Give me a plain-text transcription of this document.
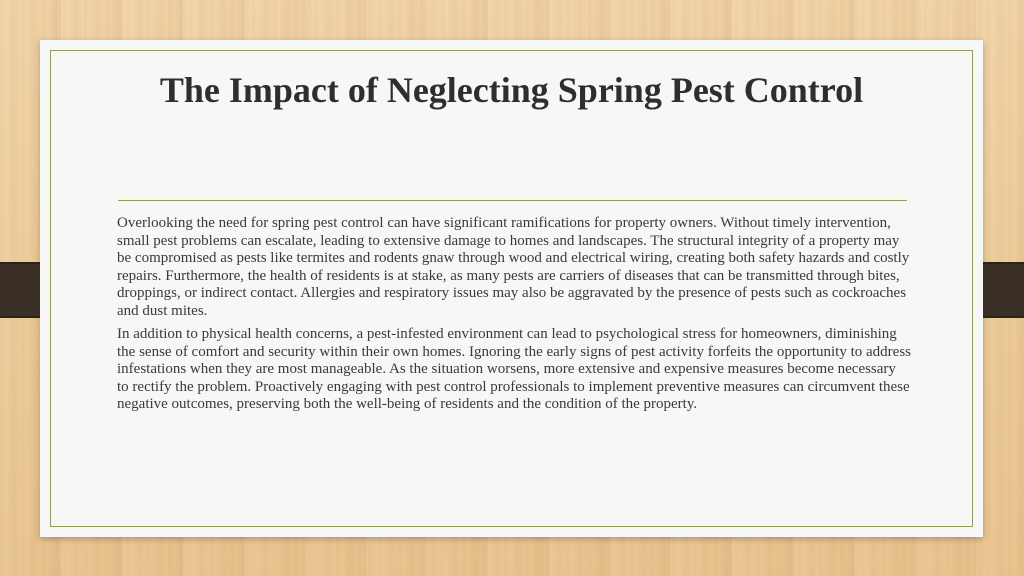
The Impact of Neglecting Spring Pest Control

Overlooking the need for spring pest control can have significant ramifications for property owners. Without timely intervention, small pest problems can escalate, leading to extensive damage to homes and landscapes. The structural integrity of a property may be compromised as pests like termites and rodents gnaw through wood and electrical wiring, creating both safety hazards and costly repairs. Furthermore, the health of residents is at stake, as many pests are carriers of diseases that can be transmitted through bites, droppings, or indirect contact. Allergies and respiratory issues may also be aggravated by the presence of pests such as cockroaches and dust mites.

In addition to physical health concerns, a pest-infested environment can lead to psychological stress for homeowners, diminishing the sense of comfort and security within their own homes. Ignoring the early signs of pest activity forfeits the opportunity to address infestations when they are most manageable. As the situation worsens, more extensive and expensive measures become necessary to rectify the problem. Proactively engaging with pest control professionals to implement preventive measures can circumvent these negative outcomes, preserving both the well-being of residents and the condition of the property.
